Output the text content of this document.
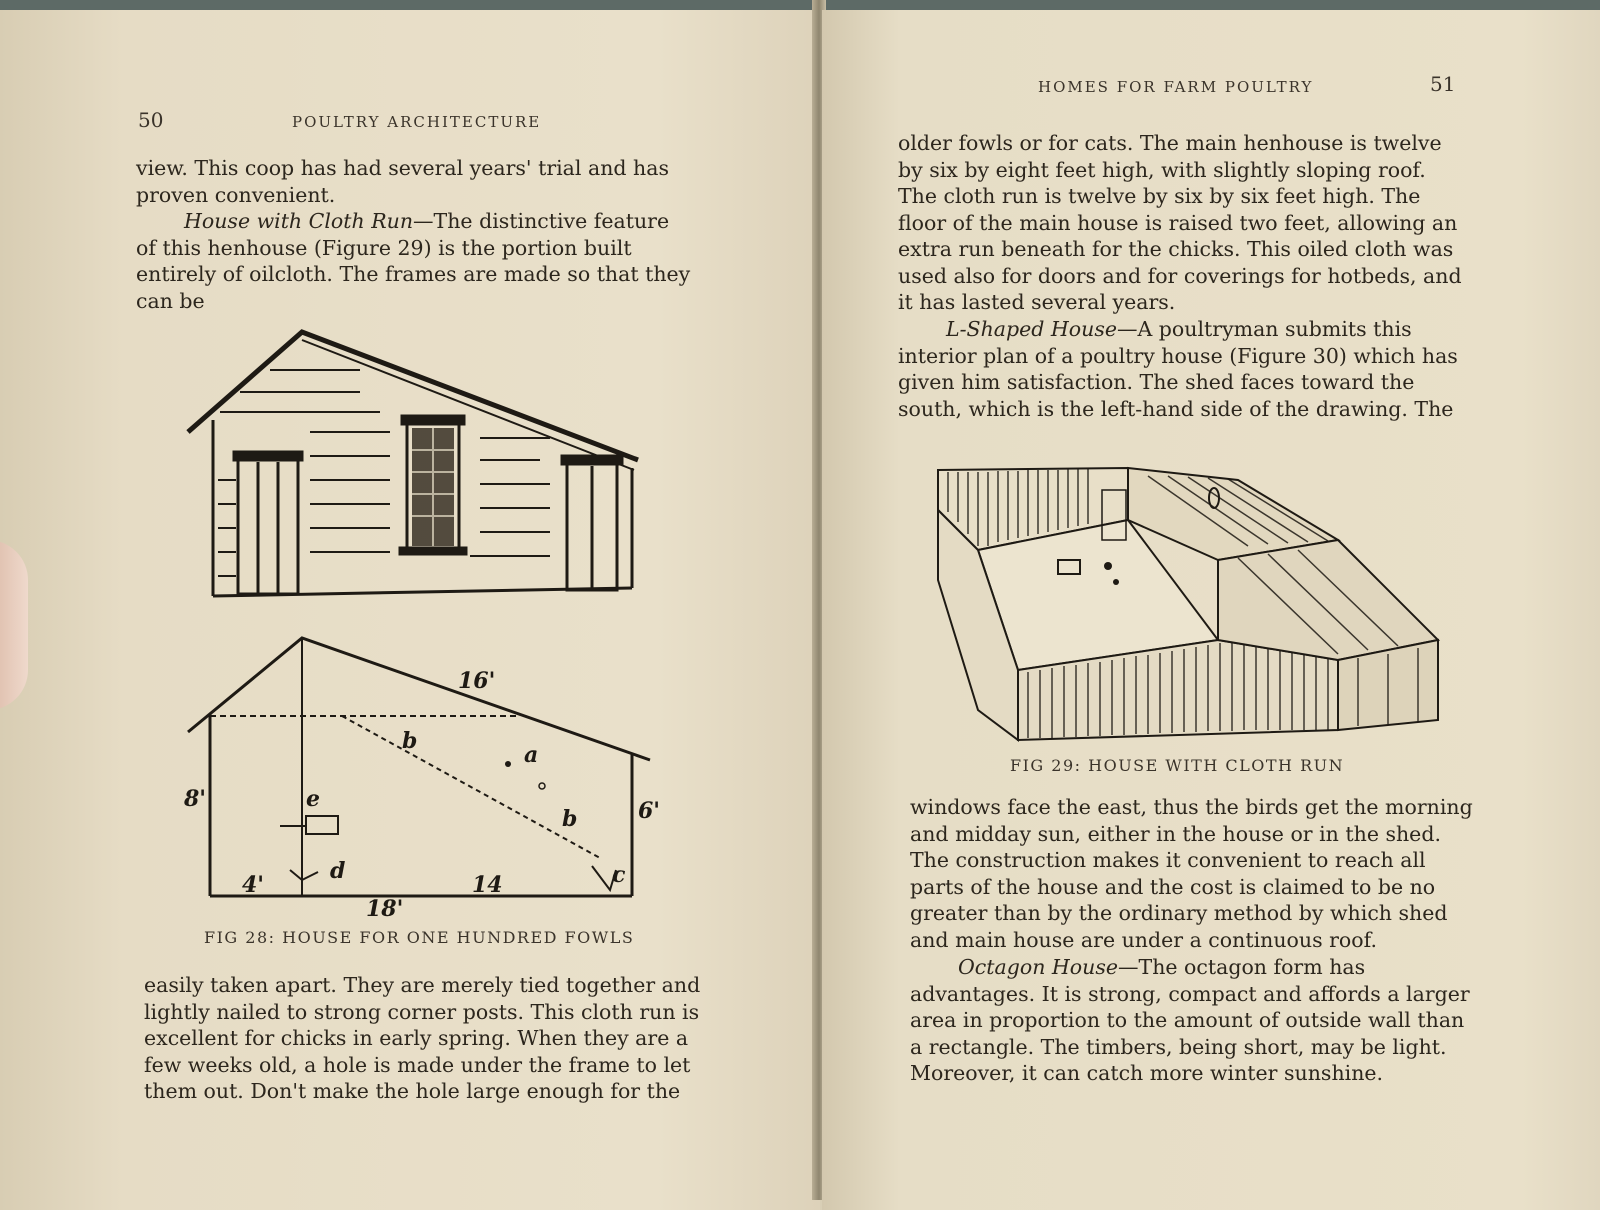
50	POULTRY ARCHITECTURE

view. This coop has had several years' trial and has proven convenient.

House with Cloth Run—The distinctive feature of this henhouse (Figure 29) is the portion built entirely of oilcloth. The frames are made so that they can be

16'
b
a
e
b
8'	6'
d	c
4'	14
18'
FIG 28: HOUSE FOR ONE HUNDRED FOWLS
easily taken apart. They are merely tied together and lightly nailed to strong corner posts. This cloth run is excellent for chicks in early spring. When they are a few weeks old, a hole is made under the frame to let them out. Don't make the hole large enough for the
HOMES FOR FARM POULTRY	51
older fowls or for cats. The main henhouse is twelve by six by eight feet high, with slightly sloping roof. The cloth run is twelve by six by six feet high. The floor of the main house is raised two feet, allowing an extra run beneath for the chicks. This oiled cloth was used also for doors and for coverings for hotbeds, and it has lasted several years.

L-Shaped House—A poultryman submits this interior plan of a poultry house (Figure 30) which has given him satisfaction. The shed faces toward the south, which is the left-hand side of the drawing. The

FIG 29: HOUSE WITH CLOTH RUN
windows face the east, thus the birds get the morning and midday sun, either in the house or in the shed. The construction makes it convenient to reach all parts of the house and the cost is claimed to be no greater than by the ordinary method by which shed and main house are under a continuous roof.

Octagon House—The octagon form has advantages. It is strong, compact and affords a larger area in proportion to the amount of outside wall than a rectangle. The timbers, being short, may be light. Moreover, it can catch more winter sunshine.
